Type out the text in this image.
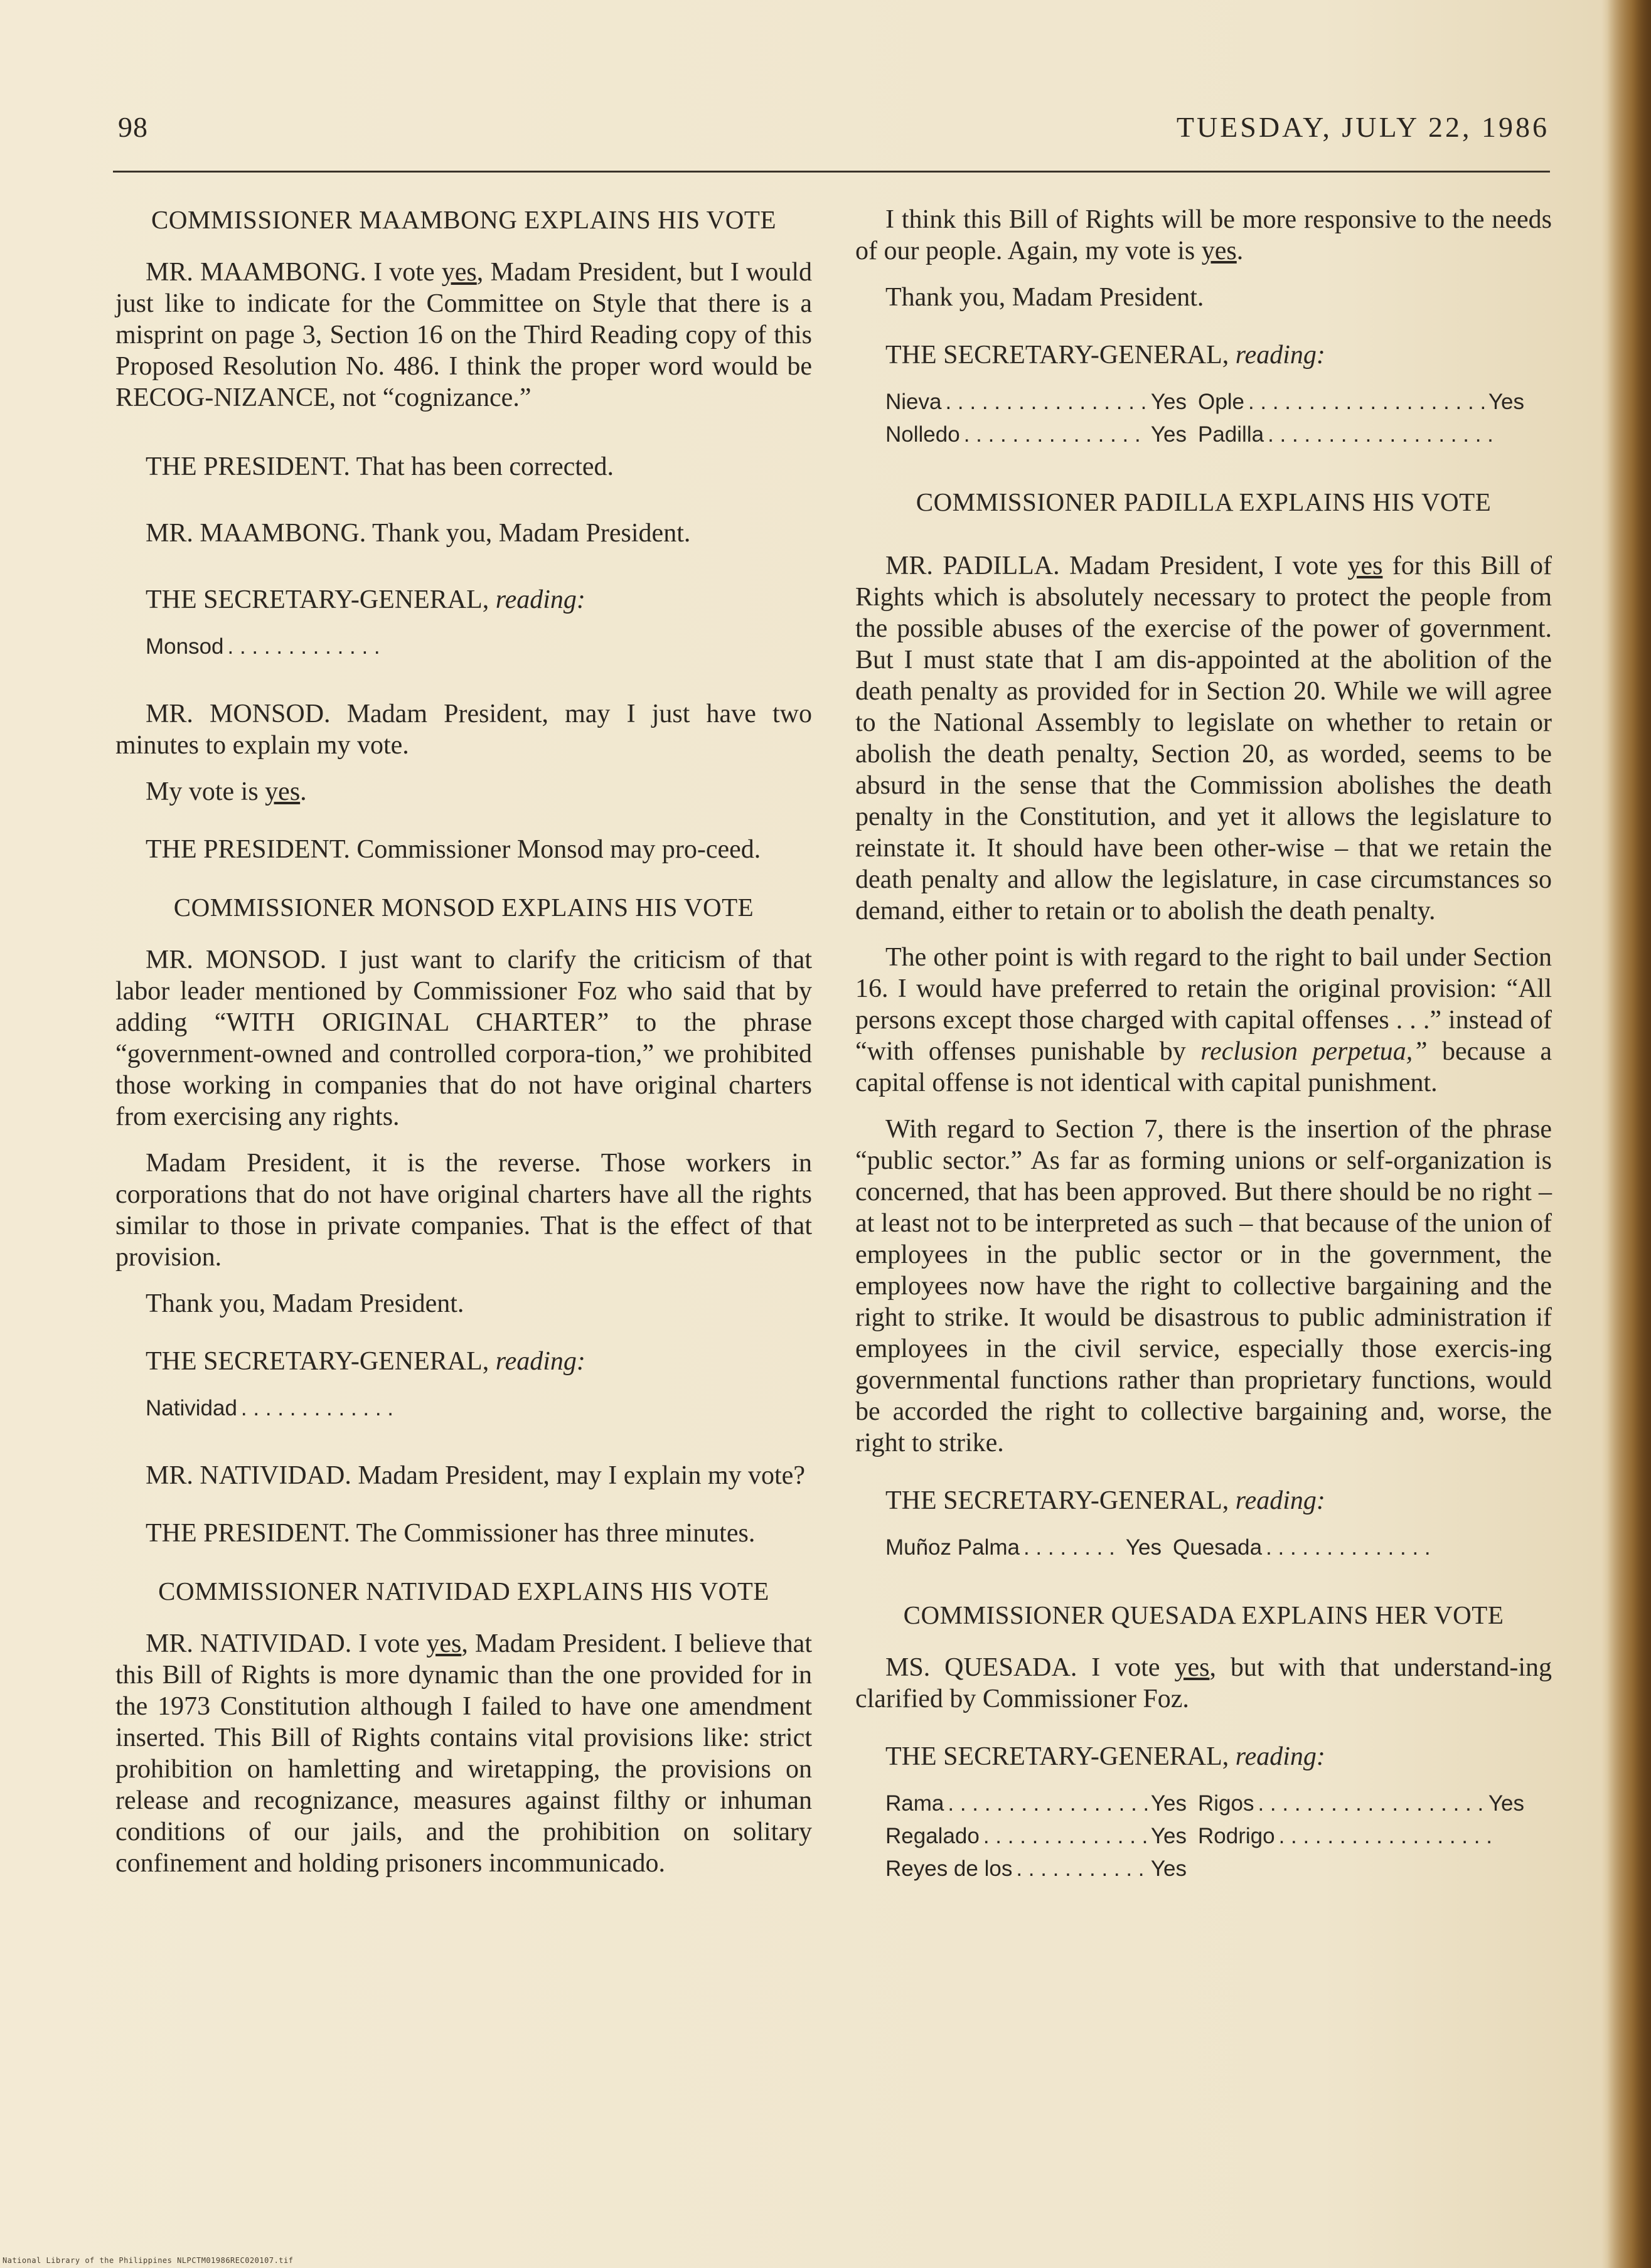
98	TUESDAY, JULY 22, 1986
COMMISSIONER MAAMBONG EXPLAINS HIS VOTE

MR. MAAMBONG. I vote yes, Madam President, but I would just like to indicate for the Committee on Style that there is a misprint on page 3, Section 16 on the Third Reading copy of this Proposed Resolution No. 486. I think the proper word would be RECOG-NIZANCE, not “cognizance.”

THE PRESIDENT. That has been corrected.

MR. MAAMBONG. Thank you, Madam President.

THE SECRETARY-GENERAL, reading:
Monsod
. . .

MR. MONSOD. Madam President, may I just have two minutes to explain my vote.

My vote is yes.

THE PRESIDENT. Commissioner Monsod may pro-ceed.

COMMISSIONER MONSOD EXPLAINS HIS VOTE

MR. MONSOD. I just want to clarify the criticism of that labor leader mentioned by Commissioner Foz who said that by adding “WITH ORIGINAL CHARTER” to the phrase “government-owned and controlled corpora-tion,” we prohibited those working in companies that do not have original charters from exercising any rights.

Madam President, it is the reverse. Those workers in corporations that do not have original charters have all the rights similar to those in private companies. That is the effect of that provision.

Thank you, Madam President.

THE SECRETARY-GENERAL, reading:
Natividad
. . .

MR. NATIVIDAD. Madam President, may I explain my vote?

THE PRESIDENT. The Commissioner has three minutes.

COMMISSIONER NATIVIDAD EXPLAINS HIS VOTE

MR. NATIVIDAD. I vote yes, Madam President. I believe that this Bill of Rights is more dynamic than the one provided for in the 1973 Constitution although I failed to have one amendment inserted. This Bill of Rights contains vital provisions like: strict prohibition on hamletting and wiretapping, the provisions on release and recognizance, measures against filthy or inhuman conditions of our jails, and the prohibition on solitary confinement and holding prisoners incommunicado.

I think this Bill of Rights will be more responsive to the needs of our people. Again, my vote is yes.

Thank you, Madam President.

THE SECRETARY-GENERAL, reading:
Nieva . . .	Yes Ople . . .	Yes
Nolledo . . .	Yes Padilla
. . .
COMMISSIONER PADILLA EXPLAINS HIS VOTE

MR. PADILLA. Madam President, I vote yes for this Bill of Rights which is absolutely necessary to protect the people from the possible abuses of the exercise of the power of government. But I must state that I am dis-appointed at the abolition of the death penalty as provided for in Section 20. While we will agree to the National Assembly to legislate on whether to retain or abolish the death penalty, Section 20, as worded, seems to be absurd in the sense that the Commission abolishes the death penalty in the Constitution, and yet it allows the legislature to reinstate it. It should have been other-wise – that we retain the death penalty and allow the legislature, in case circumstances so demand, either to retain or to abolish the death penalty.

The other point is with regard to the right to bail under Section 16. I would have preferred to retain the original provision: “All persons except those charged with capital offenses . . .” instead of “with offenses punishable by reclusion perpetua,” because a capital offense is not identical with capital punishment.

With regard to Section 7, there is the insertion of the phrase “public sector.” As far as forming unions or self-organization is concerned, that has been approved. But there should be no right – at least not to be interpreted as such – that because of the union of employees in the public sector or in the government, the employees now have the right to collective bargaining and the right to strike. It would be disastrous to public administration if employees in the civil service, especially those exercis-ing governmental functions rather than proprietary functions, would be accorded the right to collective bargaining and, worse, the right to strike.

THE SECRETARY-GENERAL, reading:
Muñoz Palma . . .	Yes Quesada
. . .
COMMISSIONER QUESADA EXPLAINS HER VOTE

MS. QUESADA. I vote yes, but with that understand-ing clarified by Commissioner Foz.

THE SECRETARY-GENERAL, reading:
Rama . . .	Yes Rigos . . .	Yes
Regalado . . .	Yes Rodrigo
. . .
Reyes de los . . .	Yes
National Library of the Philippines NLPCTM01986REC020107.tif
